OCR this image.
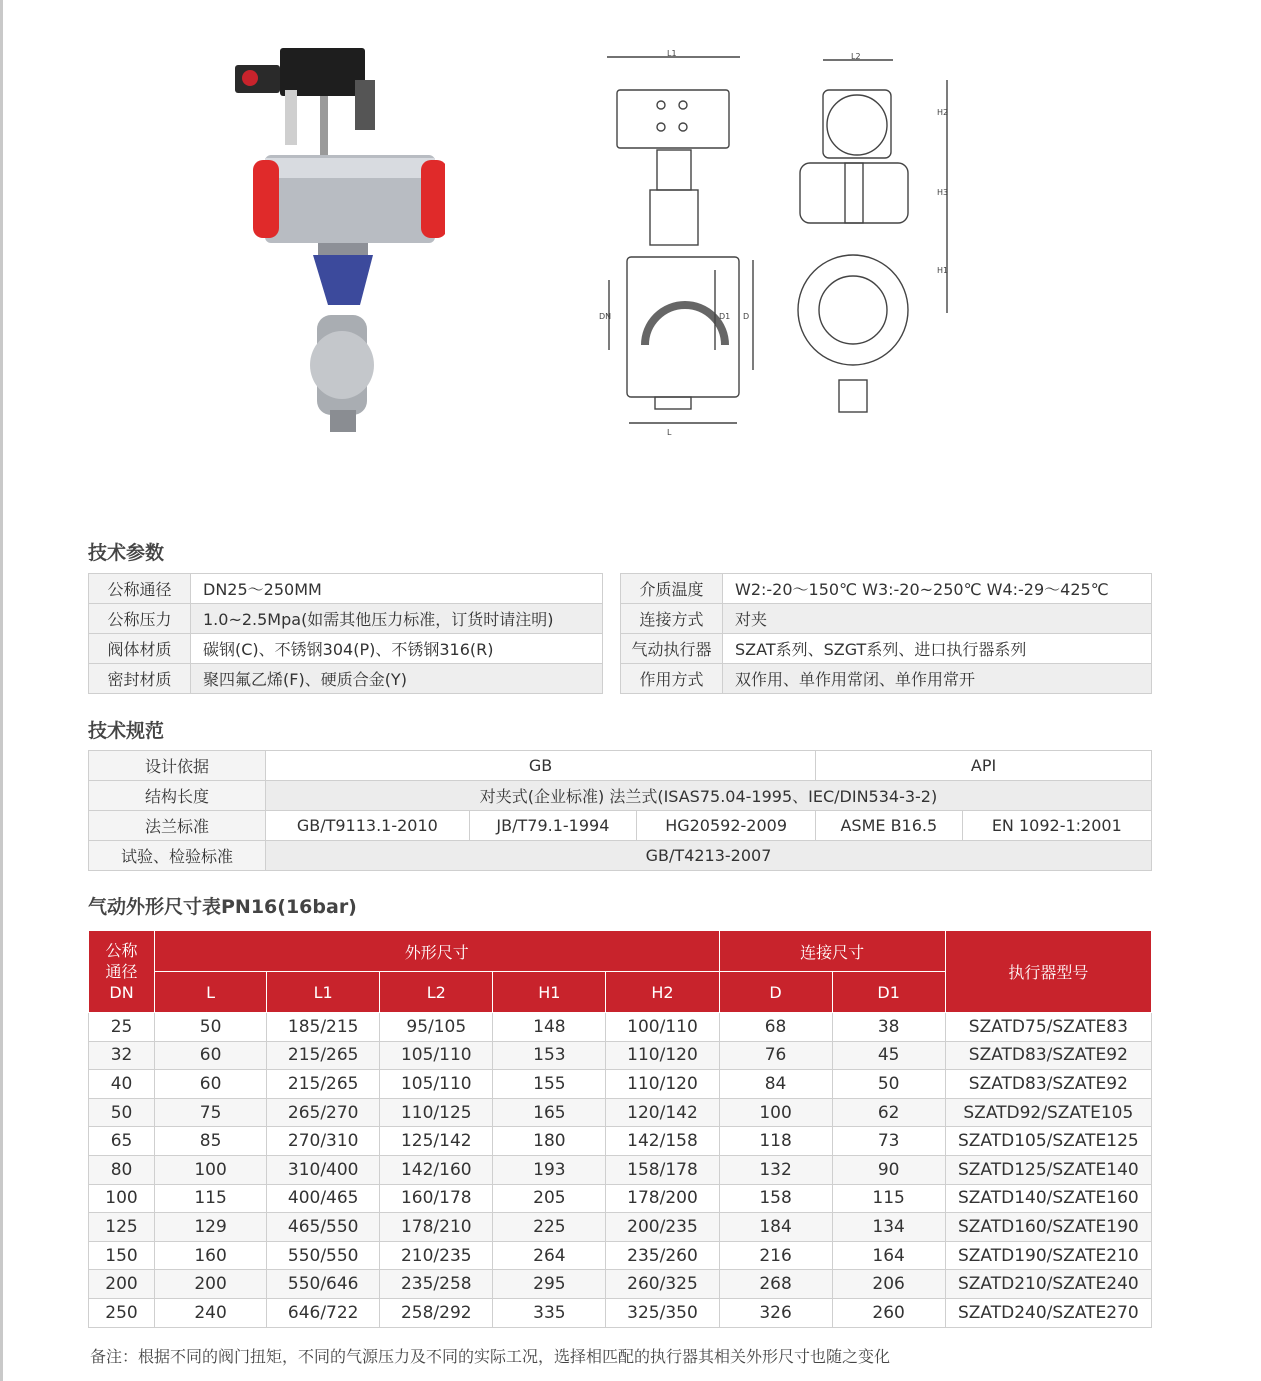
L1
L
DN	D1 D
L2
H2
H3
H1
技术参数
公称通径	DN25～250MM
公称压力	1.0~2.5Mpa(如需其他压力标准，订货时请注明)
阀体材质	碳钢(C)、不锈钢304(P)、不锈钢316(R)
密封材质	聚四氟乙烯(F)、硬质合金(Y)
介质温度	W2:-20～150℃ W3:-20~250℃ W4:-29～425℃
连接方式	对夹
气动执行器	SZAT系列、SZGT系列、进口执行器系列
作用方式	双作用、单作用常闭、单作用常开
技术规范
设计依据	GB			API	
结构长度	对夹式(企业标准) 法兰式(ISAS75.04-1995、IEC/DIN534-3-2)				
法兰标准	GB/T9113.1-2010	JB/T79.1-1994	HG20592-2009	ASME B16.5	EN 1092-1:2001
试验、检验标准	GB/T4213-2007				
气动外形尺寸表PN16(16bar)
公称
通径
DN	外形尺寸					连接尺寸		执行器型号
	L	L1	L2	H1	H2	D	D1	
25	50	185/215	95/105	148	100/110	68	38	SZATD75/SZATE83
32	60	215/265	105/110	153	110/120	76	45	SZATD83/SZATE92
40	60	215/265	105/110	155	110/120	84	50	SZATD83/SZATE92
50	75	265/270	110/125	165	120/142	100	62	SZATD92/SZATE105
65	85	270/310	125/142	180	142/158	118	73	SZATD105/SZATE125
80	100	310/400	142/160	193	158/178	132	90	SZATD125/SZATE140
100	115	400/465	160/178	205	178/200	158	115	SZATD140/SZATE160
125	129	465/550	178/210	225	200/235	184	134	SZATD160/SZATE190
150	160	550/550	210/235	264	235/260	216	164	SZATD190/SZATE210
200	200	550/646	235/258	295	260/325	268	206	SZATD210/SZATE240
250	240	646/722	258/292	335	325/350	326	260	SZATD240/SZATE270
备注：根据不同的阀门扭矩，不同的气源压力及不同的实际工况，选择相匹配的执行器其相关外形尺寸也随之变化
